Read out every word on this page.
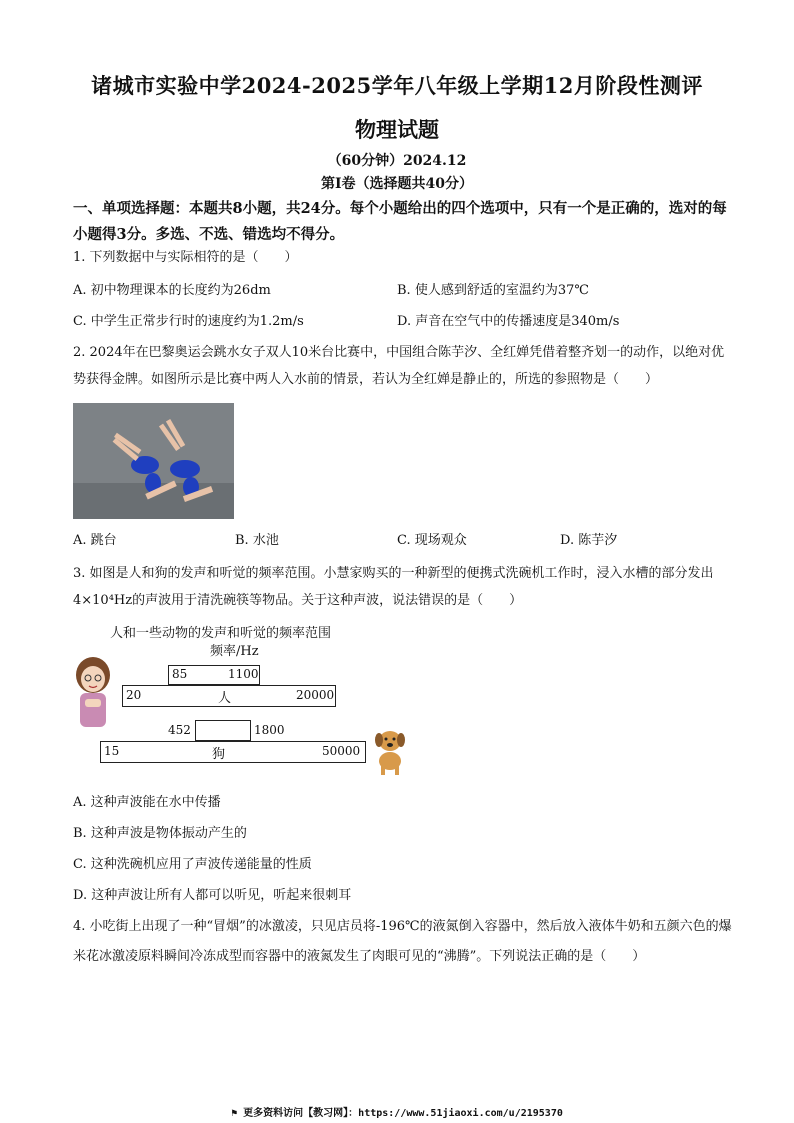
诸城市实验中学2024-2025学年八年级上学期12月阶段性测评
物理试题
（60分钟）2024.12
第Ⅰ卷（选择题共40分）
一、单项选择题：本题共8小题，共24分。每个小题给出的四个选项中，只有一个是正确的，选对的每小题得3分。多选、不选、错选均不得分。
1. 下列数据中与实际相符的是（　　）
A. 初中物理课本的长度约为26dm	B. 使人感到舒适的室温约为37℃
C. 中学生正常步行时的速度约为1.2m/s	D. 声音在空气中的传播速度是340m/s
2. 2024年在巴黎奥运会跳水女子双人10米台比赛中，中国组合陈芋汐、全红婵凭借着整齐划一的动作，以绝对优势获得金牌。如图所示是比赛中两人入水前的情景，若认为全红婵是静止的，所选的参照物是（　　）
A. 跳台	B. 水池	C. 现场观众	D. 陈芋汐
3. 如图是人和狗的发声和听觉的频率范围。小慧家购买的一种新型的便携式洗碗机工作时，浸入水槽的部分发出4×10⁴Hz的声波用于清洗碗筷等物品。关于这种声波，说法错误的是（　　）
人和一些动物的发声和听觉的频率范围
频率/Hz
85	1100
20	人	20000
452	1800
15	狗	50000
A. 这种声波能在水中传播
B. 这种声波是物体振动产生的
C. 这种洗碗机应用了声波传递能量的性质
D. 这种声波让所有人都可以听见，听起来很刺耳
4. 小吃街上出现了一种“冒烟”的冰激凌，只见店员将-196℃的液氮倒入容器中，然后放入液体牛奶和五颜六色的爆米花冰激凌原料瞬间冷冻成型而容器中的液氮发生了肉眼可见的“沸腾”。下列说法正确的是（　　）
⚑ 更多资料访问【教习网】：https://www.51jiaoxi.com/u/2195370
